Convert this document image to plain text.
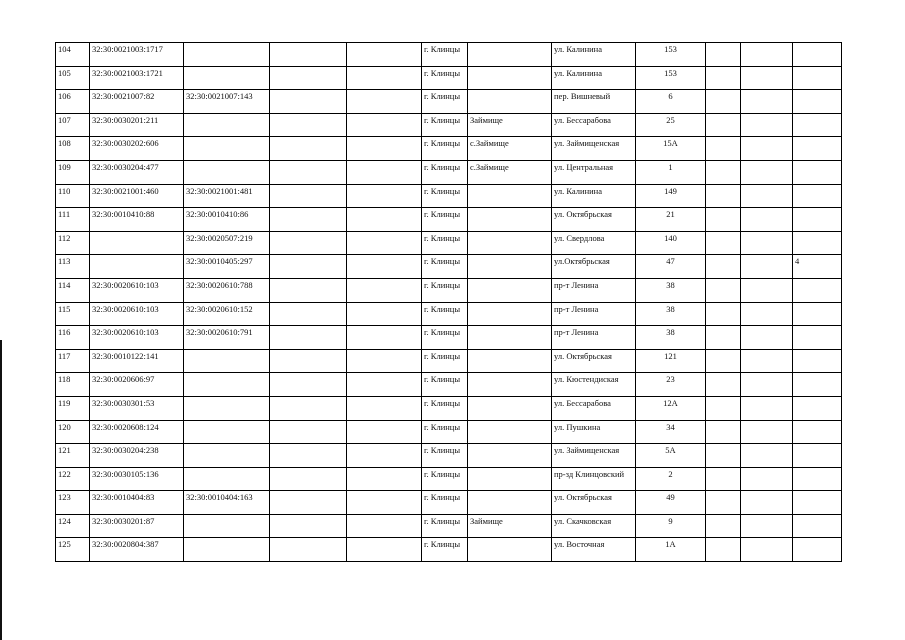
104	32:30:0021003:1717				г. Клинцы		ул. Калинина	153			
105	32:30:0021003:1721				г. Клинцы		ул. Калинина	153			
106	32:30:0021007:82	32:30:0021007:143			г. Клинцы		пер. Вишневый	6			
107	32:30:0030201:211				г. Клинцы	Займище	ул. Бессарабова	25			
108	32:30:0030202:606				г. Клинцы	с.Займище	ул. Займищенская	15А			
109	32:30:0030204:477				г. Клинцы	с.Займище	ул. Центральная	1			
110	32:30:0021001:460	32:30:0021001:481			г. Клинцы		ул. Калинина	149			
111	32:30:0010410:88	32:30:0010410:86			г. Клинцы		ул. Октябрьская	21			
112		32:30:0020507:219			г. Клинцы		ул. Свердлова	140			
113		32:30:0010405:297			г. Клинцы		ул.Октябрьская	47			4
114	32:30:0020610:103	32:30:0020610:788			г. Клинцы		пр-т Ленина	38			
115	32:30:0020610:103	32:30:0020610:152			г. Клинцы		пр-т Ленина	38			
116	32:30:0020610:103	32:30:0020610:791			г. Клинцы		пр-т Ленина	38			
117	32:30:0010122:141				г. Клинцы		ул. Октябрьская	121			
118	32:30:0020606:97				г. Клинцы		ул. Кюстендиская	23			
119	32:30:0030301:53				г. Клинцы		ул. Бессарабова	12А			
120	32:30:0020608:124				г. Клинцы		ул. Пушкина	34			
121	32:30:0030204:238				г. Клинцы		ул. Займищенская	5А			
122	32:30:0030105:136				г. Клинцы		пр-зд Клинцовский	2			
123	32:30:0010404:83	32:30:0010404:163			г. Клинцы		ул. Октябрьская	49			
124	32:30:0030201:87				г. Клинцы	Займище	ул. Скачковская	9			
125	32:30:0020804:387				г. Клинцы		ул. Восточная	1А			
